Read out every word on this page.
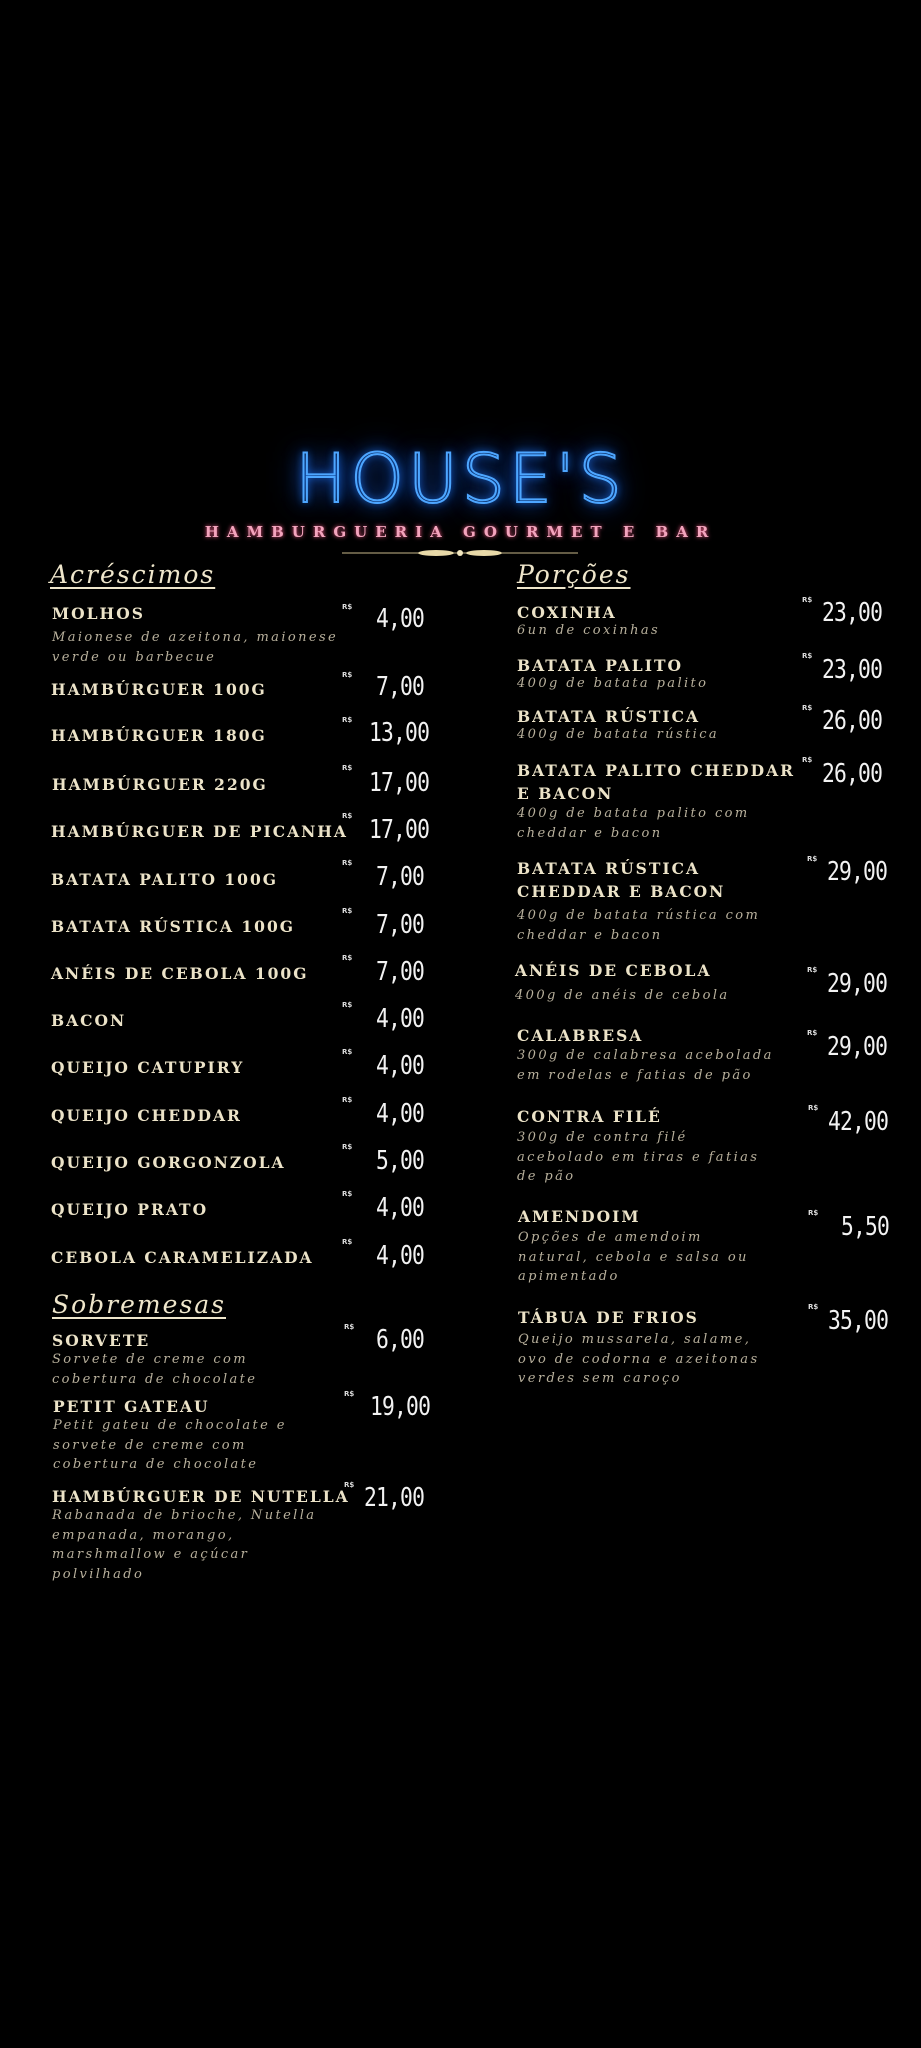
HOUSE'S
HAMBURGUERIA GOURMET E BAR
Acréscimos
MOLHOS
Maionese de azeitona, maionese verde ou barbecue
R$ 4,00
HAMBÚRGUER 100G
R$ 7,00
HAMBÚRGUER 180G
R$ 13,00
HAMBÚRGUER 220G
R$ 17,00
HAMBÚRGUER DE PICANHA
R$ 17,00
BATATA PALITO 100G
R$ 7,00
BATATA RÚSTICA 100G
R$ 7,00
ANÉIS DE CEBOLA 100G
R$ 7,00
BACON
R$ 4,00
QUEIJO CATUPIRY
R$ 4,00
QUEIJO CHEDDAR
R$ 4,00
QUEIJO GORGONZOLA
R$ 5,00
QUEIJO PRATO
R$ 4,00
CEBOLA CARAMELIZADA
R$ 4,00
Sobremesas
SORVETE
Sorvete de creme com cobertura de chocolate
R$ 6,00
PETIT GATEAU
Petit gateu de chocolate e sorvete de creme com cobertura de chocolate
R$ 19,00
HAMBÚRGUER DE NUTELLA
Rabanada de brioche, Nutella empanada, morango, marshmallow e açúcar polvilhado
R$ 21,00
Porções
COXINHA
6un de coxinhas
R$ 23,00
BATATA PALITO
400g de batata palito
R$ 23,00
BATATA RÚSTICA
400g de batata rústica
R$ 26,00
BATATA PALITO CHEDDAR E BACON
400g de batata palito com cheddar e bacon
R$ 26,00
BATATA RÚSTICA CHEDDAR E BACON
400g de batata rústica com cheddar e bacon
R$ 29,00
ANÉIS DE CEBOLA
400g de anéis de cebola
R$ 29,00
CALABRESA
300g de calabresa acebolada em rodelas e fatias de pão
R$ 29,00
CONTRA FILÉ
300g de contra filé acebolado em tiras e fatias de pão
R$ 42,00
AMENDOIM
Opções de amendoim natural, cebola e salsa ou apimentado
R$ 5,50
TÁBUA DE FRIOS
Queijo mussarela, salame, ovo de codorna e azeitonas verdes sem caroço
R$ 35,00
